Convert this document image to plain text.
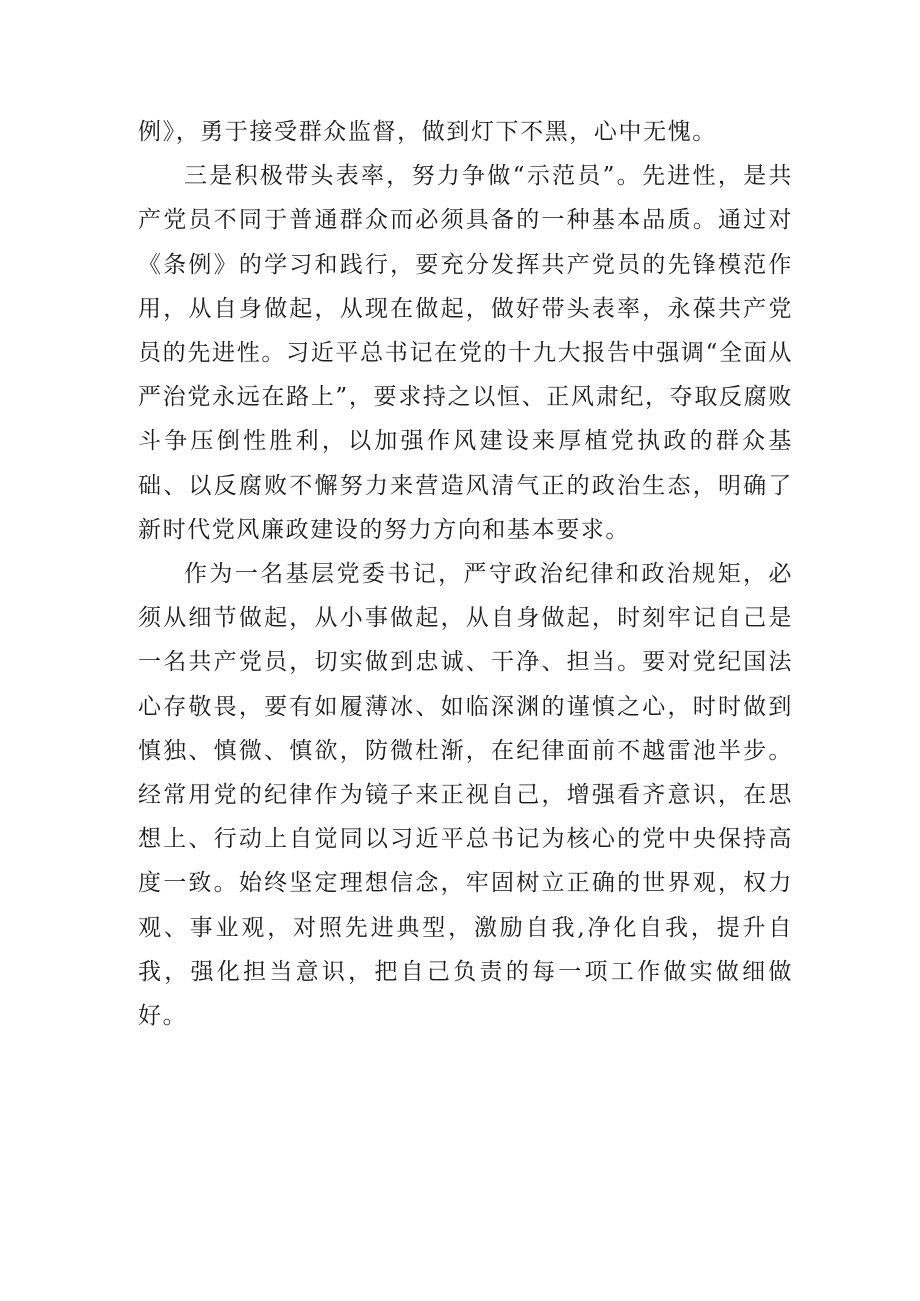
例》，勇于接受群众监督，做到灯下不黑，心中无愧。

三是积极带头表率，努力争做“示范员”。先进性，是共产党员不同于普通群众而必须具备的一种基本品质。通过对《条例》的学习和践行，要充分发挥共产党员的先锋模范作用，从自身做起，从现在做起，做好带头表率，永葆共产党员的先进性。习近平总书记在党的十九大报告中强调“全面从严治党永远在路上”，要求持之以恒、正风肃纪，夺取反腐败斗争压倒性胜利，以加强作风建设来厚植党执政的群众基础、以反腐败不懈努力来营造风清气正的政治生态，明确了新时代党风廉政建设的努力方向和基本要求。

作为一名基层党委书记，严守政治纪律和政治规矩，必须从细节做起，从小事做起，从自身做起，时刻牢记自己是一名共产党员，切实做到忠诚、干净、担当。要对党纪国法心存敬畏，要有如履薄冰、如临深渊的谨慎之心，时时做到慎独、慎微、慎欲，防微杜渐，在纪律面前不越雷池半步。经常用党的纪律作为镜子来正视自己，增强看齐意识，在思想上、行动上自觉同以习近平总书记为核心的党中央保持高度一致。始终坚定理想信念，牢固树立正确的世界观，权力观、事业观，对照先进典型，激励自我,净化自我，提升自我，强化担当意识，把自己负责的每一项工作做实做细做好。
